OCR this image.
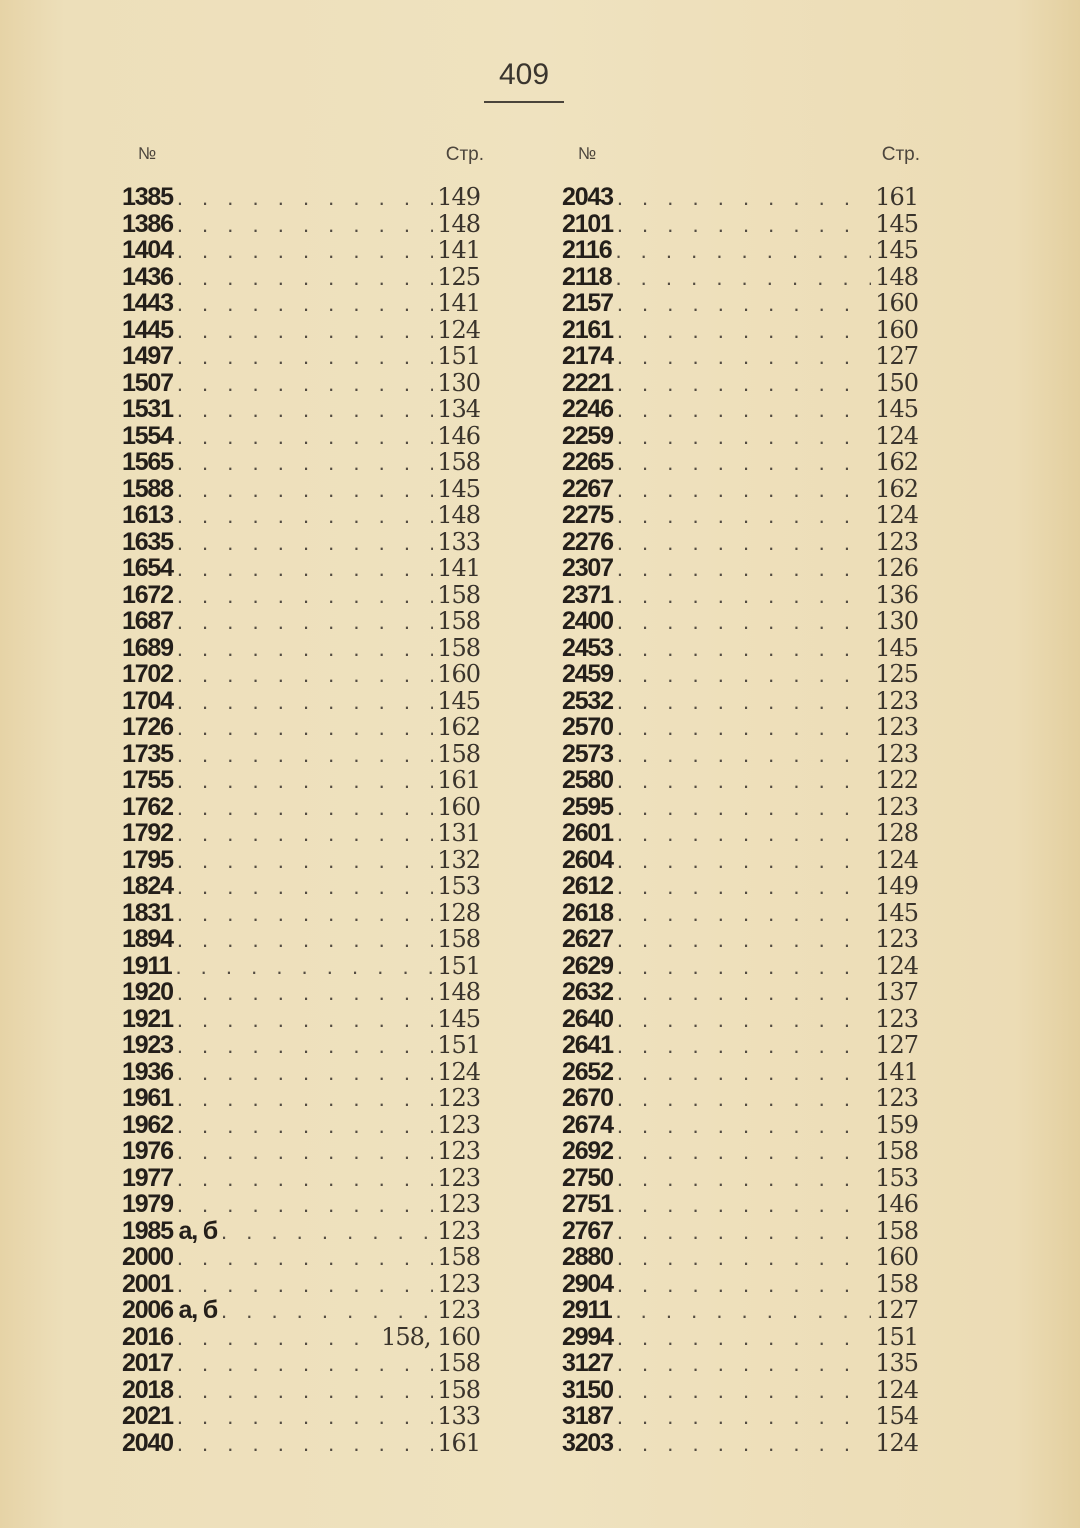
409
№	Стр.
1385 . . .	149
1386 . . .	148
1404 . . .	141
1436 . . .	125
1443 . . .	141
1445 . . .	124
1497 . . .	151
1507 . . .	130
1531 . . .	134
1554 . . .	146
1565 . . .	158
1588 . . .	145
1613 . . .	148
1635 . . .	133
1654 . . .	141
1672 . . .	158
1687 . . .	158
1689 . . .	158
1702 . . .	160
1704 . . .	145
1726 . . .	162
1735 . . .	158
1755 . . .	161
1762 . . .	160
1792 . . .	131
1795 . . .	132
1824 . . .	153
1831 . . .	128
1894 . . .	158
1911 . . .	151
1920 . . .	148
1921 . . .	145
1923 . . .	151
1936 . . .	124
1961 . . .	123
1962 . . .	123
1976 . . .	123
1977 . . .	123
1979 . . .	123
1985 а, б . . .	123
2000 . . .	158
2001 . . .	123
2006 а, б . . .	123
2016 . . .	158, 160
2017 . . .	158
2018 . . .	158
2021 . . .	133
2040 . . .	161
№	Стр.
2043 . . .	161
2101 . . .	145
2116 . . .	145
2118 . . .	148
2157 . . .	160
2161 . . .	160
2174 . . .	127
2221 . . .	150
2246 . . .	145
2259 . . .	124
2265 . . .	162
2267 . . .	162
2275 . . .	124
2276 . . .	123
2307 . . .	126
2371 . . .	136
2400 . . .	130
2453 . . .	145
2459 . . .	125
2532 . . .	123
2570 . . .	123
2573 . . .	123
2580 . . .	122
2595 . . .	123
2601 . . .	128
2604 . . .	124
2612 . . .	149
2618 . . .	145
2627 . . .	123
2629 . . .	124
2632 . . .	137
2640 . . .	123
2641 . . .	127
2652 . . .	141
2670 . . .	123
2674 . . .	159
2692 . . .	158
2750 . . .	153
2751 . . .	146
2767 . . .	158
2880 . . .	160
2904 . . .	158
2911 . . .	127
2994 . . .	151
3127 . . .	135
3150 . . .	124
3187 . . .	154
3203 . . .	124
